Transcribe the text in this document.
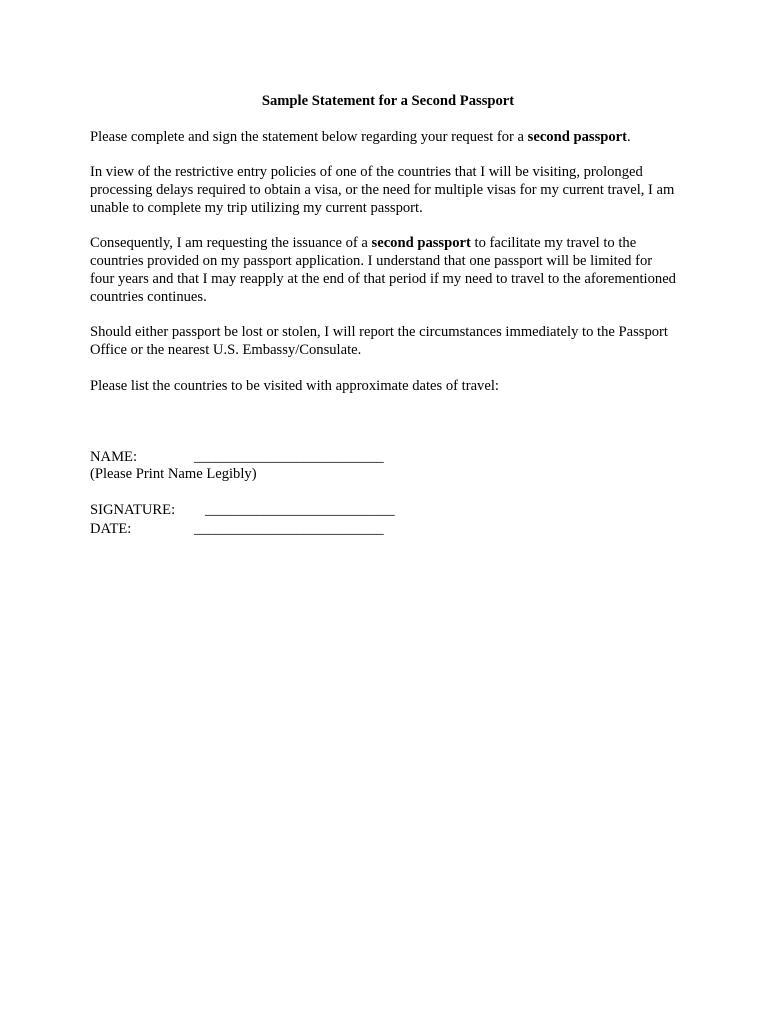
Sample Statement for a Second Passport

Please complete and sign the statement below regarding your request for a second passport.

In view of the restrictive entry policies of one of the countries that I will be visiting, prolonged processing delays required to obtain a visa, or the need for multiple visas for my current travel, I am unable to complete my trip utilizing my current passport.

Consequently, I am requesting the issuance of a second passport to facilitate my travel to the countries provided on my passport application. I understand that one passport will be limited for four years and that I may reapply at the end of that period if my need to travel to the aforementioned countries continues.

Should either passport be lost or stolen, I will report the circumstances immediately to the Passport Office or the nearest U.S. Embassy/Consulate.

Please list the countries to be visited with approximate dates of travel:

NAME:	__________________________

(Please Print Name Legibly)

SIGNATURE:	__________________________
DATE:	__________________________
